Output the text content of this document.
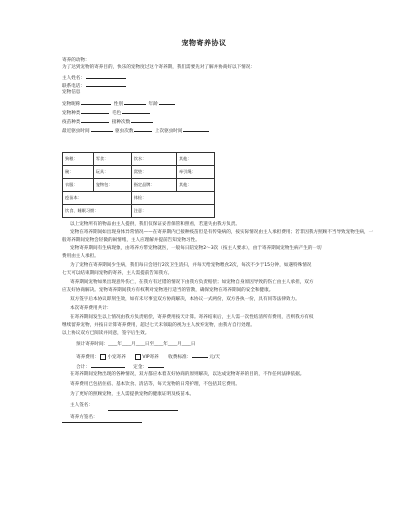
宠物寄养协议
寄养的动物：
为了达到宠物的寄养目的，快乐的宠物度过这个寄养期，我们需要先对了解并协商好以下情况：
主人姓名：
联系电话：
宠物信息
宠物昵称	性别	年龄
宠物种类	毛色
疫苗种类	接种次数
最近驱虫时间	驱虫次数	上次驱虫时间
狗粮：	零食：	饮水：	其他：
碗：	玩具：	窝垫：	牵引绳：
衣服：	宠物包：	指定品牌：	其他：
疫苗本：		体检：	
饮食、睡眠习惯：		注意：	
以上宠物所有的物品由主人提供，我们仅保证妥善保管和照看，若遗失由我方负责。
宠物在寄养期间如出现身体异常情况——在寄养期内已接种疫苗但是有传染病的，按实际情况由主人承担费用；若非因我方照顾不当导致宠物生病，一
般寄养期间宠物会轻微的闹情绪，主人应理解并提前告知宠物习性。
宠物寄养期间有生病现象，由寄养方带宠物就医，一般每日陪宠物2～3次（按主人要求），由于寄养期间宠物生病产生的一切
费用由主人承担。
为了宠物在寄养期间少生病，我们每日会进行2次卫生清扫，并每天给宠物喂食2次，每次不少于15分钟，如遇特殊情况
七天可以结束期间宠物的寄养，主人需提前告知我方。
寄养期间宠物如果出现意外伤亡，在我方有过错的情况下由我方负责赔偿；如宠物自身原因导致的伤亡由主人承担，双方
应友好协商解决。宠物寄养期间我方有权利对宠物进行适当的管教，确保宠物在寄养期间的安全和健康。
双方签字后本协议即刻生效，如有未尽事宜双方协商解决，本协议一式两份，双方各执一份，具有同等法律效力。
本次寄养费用共计：
在寄养期间发生以上情况由我方负责赔偿，寄养费用按天计算。寄养结束后，主人需一次性结清所有费用，否则我方有权
继续留养宠物，并按日计算寄养费用，超过七天未领取的视为主人放弃宠物，由我方自行处理。
以上协议双方已阅读并同意，签字后生效。
预计寄养时间：____年____月____日至____年____月____日
寄养费用： 小宠寄养	VIP寄养 收费标准：	元/天
合计：	定金：
在寄养期间宠物出现的各种情况，双方都应本着友好协商的原则解决，以达成宠物寄养的目的，不作任何法律依据。
寄养费用已包括住宿、基本饮食、清洁等，每天宠物的日常护理，不包括其它费用。
为了更好的照顾宠物，主人需提供宠物的健康证明及疫苗本。
主人签名：
寄养方签名：
